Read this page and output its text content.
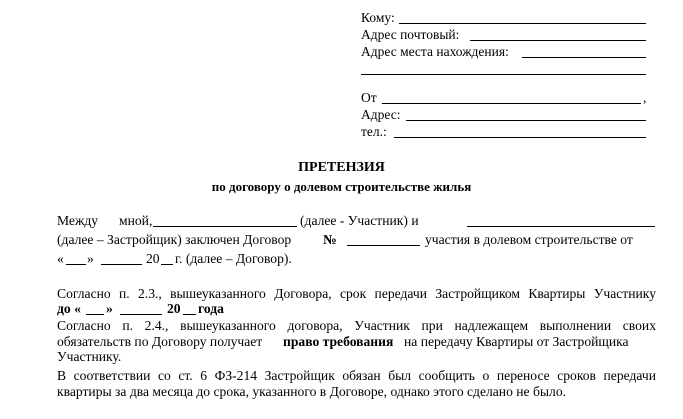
Кому:
Адрес почтовый:
Адрес места нахождения:
От	,
Адрес:
тел.:
ПРЕТЕНЗИЯ
по договору о долевом строительстве жилья
Между мной,	(далее - Участник) и
(далее – Застройщик) заключен Договор №	участия в долевом строительстве от
« »	20 г. (далее – Договор).
Согласно п. 2.3., вышеуказанного Договора, срок передачи Застройщиком Квартиры Участнику
до « »	20 года
Согласно п. 2.4., вышеуказанного договора, Участник при надлежащем выполнении своих
обязательств по Договору получает право требования на передачу Квартиры от Застройщика
Участнику.
В соответствии со ст. 6 ФЗ-214 Застройщик обязан был сообщить о переносе сроков передачи
квартиры за два месяца до срока, указанного в Договоре, однако этого сделано не было.
